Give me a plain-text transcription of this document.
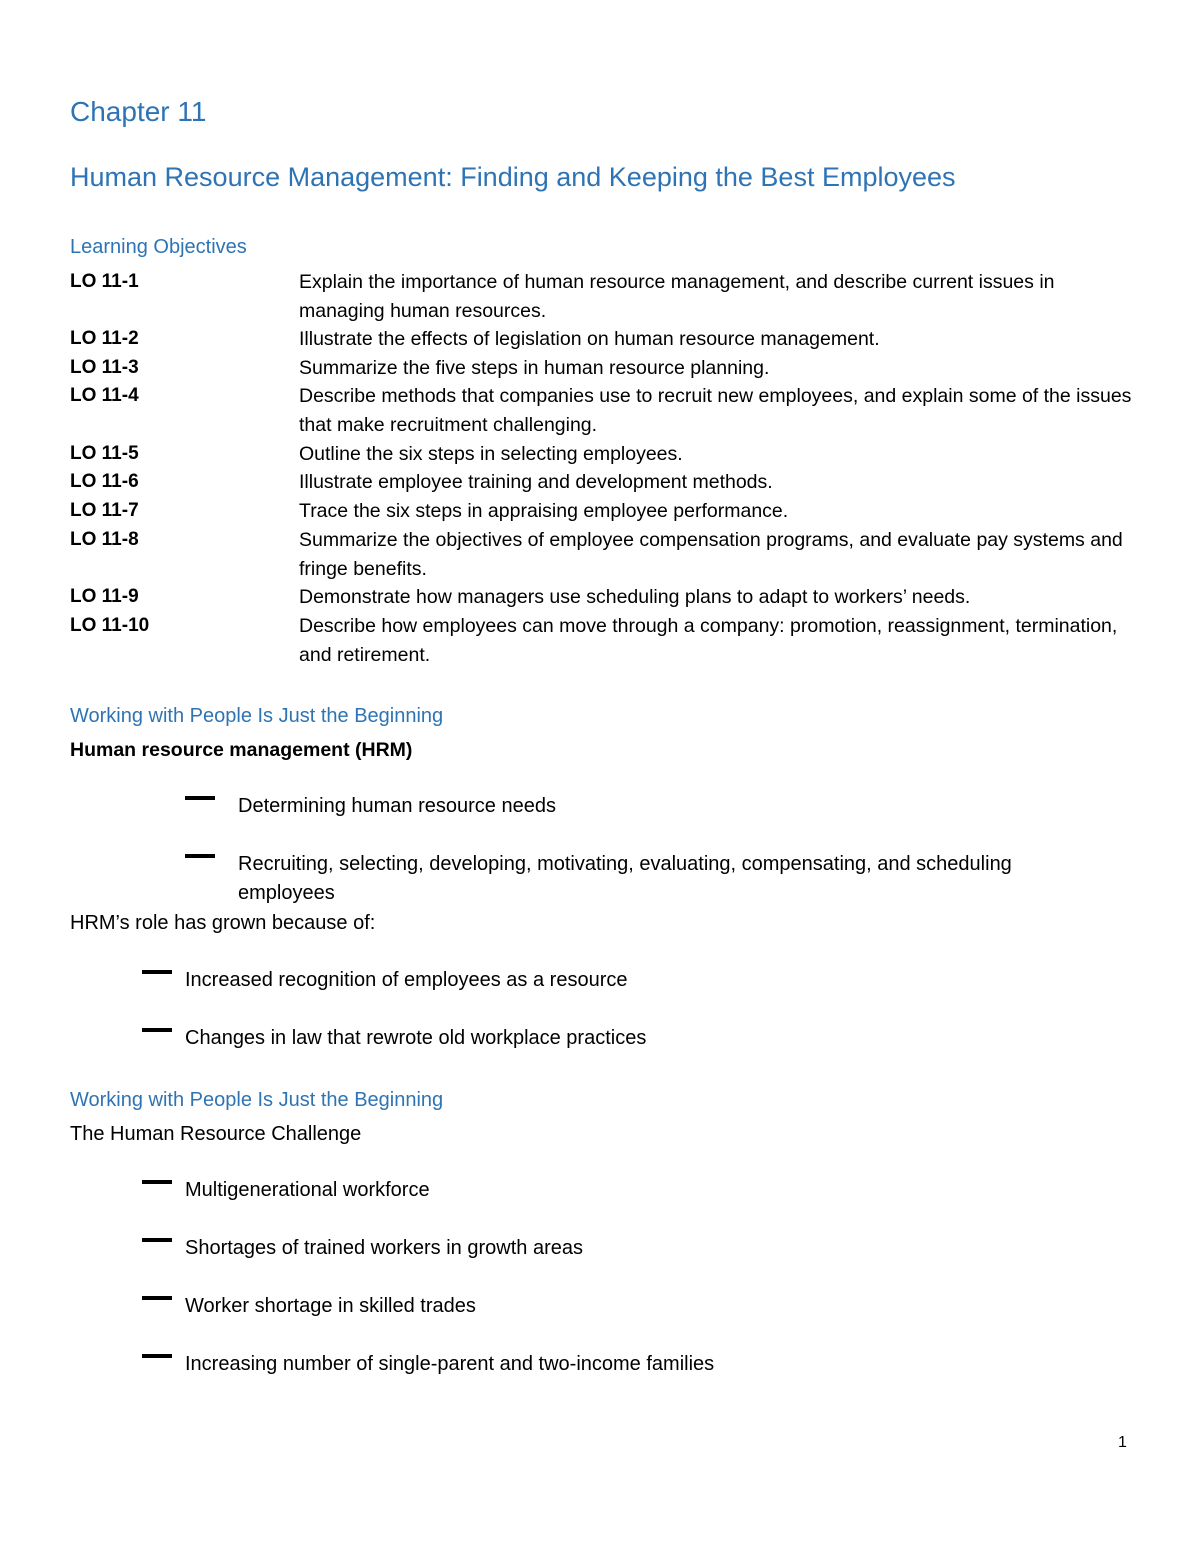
Chapter 11
Human Resource Management: Finding and Keeping the Best Employees
Learning Objectives
LO 11-1	Explain the importance of human resource management, and describe current issues in managing human resources.
LO 11-2	Illustrate the effects of legislation on human resource management.
LO 11-3	Summarize the five steps in human resource planning.
LO 11-4	Describe methods that companies use to recruit new employees, and explain some of the issues that make recruitment challenging.
LO 11-5	Outline the six steps in selecting employees.
LO 11-6	Illustrate employee training and development methods.
LO 11-7	Trace the six steps in appraising employee performance.
LO 11-8	Summarize the objectives of employee compensation programs, and evaluate pay systems and fringe benefits.
LO 11-9	Demonstrate how managers use scheduling plans to adapt to workers’ needs.
LO 11-10	Describe how employees can move through a company: promotion, reassignment, termination, and retirement.
Working with People Is Just the Beginning
Human resource management (HRM)
Determining human resource needs
Recruiting, selecting, developing, motivating, evaluating, compensating, and scheduling employees
HRM’s role has grown because of:
Increased recognition of employees as a resource
Changes in law that rewrote old workplace practices
Working with People Is Just the Beginning
The Human Resource Challenge
Multigenerational workforce
Shortages of trained workers in growth areas
Worker shortage in skilled trades
Increasing number of single-parent and two-income families
1
